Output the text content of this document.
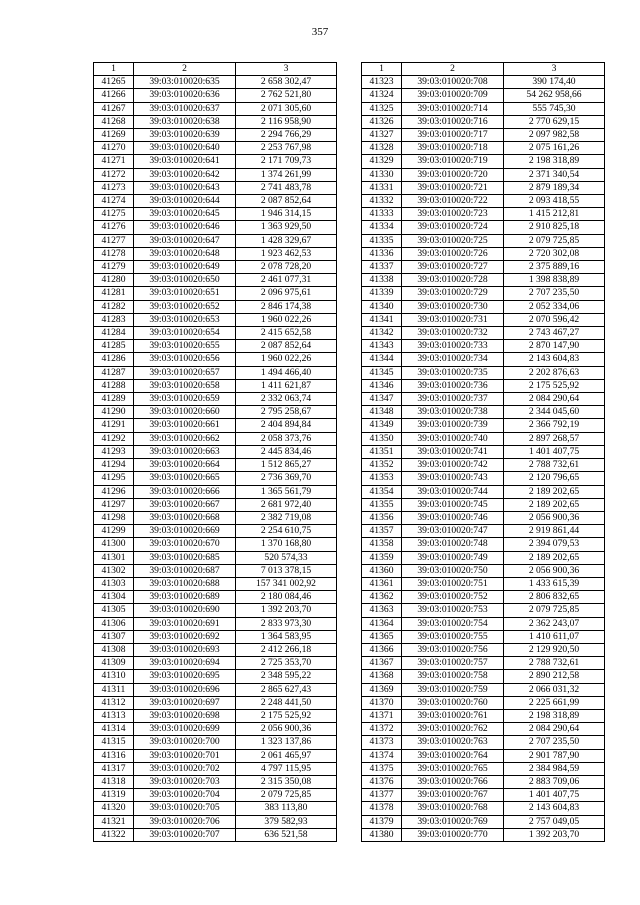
357
1	2	3
41265	39:03:010020:635	2 658 302,47
41266	39:03:010020:636	2 762 521,80
41267	39:03:010020:637	2 071 305,60
41268	39:03:010020:638	2 116 958,90
41269	39:03:010020:639	2 294 766,29
41270	39:03:010020:640	2 253 767,98
41271	39:03:010020:641	2 171 709,73
41272	39:03:010020:642	1 374 261,99
41273	39:03:010020:643	2 741 483,78
41274	39:03:010020:644	2 087 852,64
41275	39:03:010020:645	1 946 314,15
41276	39:03:010020:646	1 363 929,50
41277	39:03:010020:647	1 428 329,67
41278	39:03:010020:648	1 923 462,53
41279	39:03:010020:649	2 078 728,20
41280	39:03:010020:650	2 461 077,31
41281	39:03:010020:651	2 096 975,61
41282	39:03:010020:652	2 846 174,38
41283	39:03:010020:653	1 960 022,26
41284	39:03:010020:654	2 415 652,58
41285	39:03:010020:655	2 087 852,64
41286	39:03:010020:656	1 960 022,26
41287	39:03:010020:657	1 494 466,40
41288	39:03:010020:658	1 411 621,87
41289	39:03:010020:659	2 332 063,74
41290	39:03:010020:660	2 795 258,67
41291	39:03:010020:661	2 404 894,84
41292	39:03:010020:662	2 058 373,76
41293	39:03:010020:663	2 445 834,46
41294	39:03:010020:664	1 512 865,27
41295	39:03:010020:665	2 736 369,70
41296	39:03:010020:666	1 365 561,79
41297	39:03:010020:667	2 681 972,40
41298	39:03:010020:668	2 382 719,08
41299	39:03:010020:669	2 254 610,75
41300	39:03:010020:670	1 370 168,80
41301	39:03:010020:685	520 574,33
41302	39:03:010020:687	7 013 378,15
41303	39:03:010020:688	157 341 002,92
41304	39:03:010020:689	2 180 084,46
41305	39:03:010020:690	1 392 203,70
41306	39:03:010020:691	2 833 973,30
41307	39:03:010020:692	1 364 583,95
41308	39:03:010020:693	2 412 266,18
41309	39:03:010020:694	2 725 353,70
41310	39:03:010020:695	2 348 595,22
41311	39:03:010020:696	2 865 627,43
41312	39:03:010020:697	2 248 441,50
41313	39:03:010020:698	2 175 525,92
41314	39:03:010020:699	2 056 900,36
41315	39:03:010020:700	1 323 137,86
41316	39:03:010020:701	2 061 465,97
41317	39:03:010020:702	4 797 115,95
41318	39:03:010020:703	2 315 350,08
41319	39:03:010020:704	2 079 725,85
41320	39:03:010020:705	383 113,80
41321	39:03:010020:706	379 582,93
41322	39:03:010020:707	636 521,58
1	2	3
41323	39:03:010020:708	390 174,40
41324	39:03:010020:709	54 262 958,66
41325	39:03:010020:714	555 745,30
41326	39:03:010020:716	2 770 629,15
41327	39:03:010020:717	2 097 982,58
41328	39:03:010020:718	2 075 161,26
41329	39:03:010020:719	2 198 318,89
41330	39:03:010020:720	2 371 340,54
41331	39:03:010020:721	2 879 189,34
41332	39:03:010020:722	2 093 418,55
41333	39:03:010020:723	1 415 212,81
41334	39:03:010020:724	2 910 825,18
41335	39:03:010020:725	2 079 725,85
41336	39:03:010020:726	2 720 302,08
41337	39:03:010020:727	2 375 889,16
41338	39:03:010020:728	1 398 838,89
41339	39:03:010020:729	2 707 235,50
41340	39:03:010020:730	2 052 334,06
41341	39:03:010020:731	2 070 596,42
41342	39:03:010020:732	2 743 467,27
41343	39:03:010020:733	2 870 147,90
41344	39:03:010020:734	2 143 604,83
41345	39:03:010020:735	2 202 876,63
41346	39:03:010020:736	2 175 525,92
41347	39:03:010020:737	2 084 290,64
41348	39:03:010020:738	2 344 045,60
41349	39:03:010020:739	2 366 792,19
41350	39:03:010020:740	2 897 268,57
41351	39:03:010020:741	1 401 407,75
41352	39:03:010020:742	2 788 732,61
41353	39:03:010020:743	2 120 796,65
41354	39:03:010020:744	2 189 202,65
41355	39:03:010020:745	2 189 202,65
41356	39:03:010020:746	2 056 900,36
41357	39:03:010020:747	2 919 861,44
41358	39:03:010020:748	2 394 079,53
41359	39:03:010020:749	2 189 202,65
41360	39:03:010020:750	2 056 900,36
41361	39:03:010020:751	1 433 615,39
41362	39:03:010020:752	2 806 832,65
41363	39:03:010020:753	2 079 725,85
41364	39:03:010020:754	2 362 243,07
41365	39:03:010020:755	1 410 611,07
41366	39:03:010020:756	2 129 920,50
41367	39:03:010020:757	2 788 732,61
41368	39:03:010020:758	2 890 212,58
41369	39:03:010020:759	2 066 031,32
41370	39:03:010020:760	2 225 661,99
41371	39:03:010020:761	2 198 318,89
41372	39:03:010020:762	2 084 290,64
41373	39:03:010020:763	2 707 235,50
41374	39:03:010020:764	2 901 787,90
41375	39:03:010020:765	2 384 984,59
41376	39:03:010020:766	2 883 709,06
41377	39:03:010020:767	1 401 407,75
41378	39:03:010020:768	2 143 604,83
41379	39:03:010020:769	2 757 049,05
41380	39:03:010020:770	1 392 203,70
